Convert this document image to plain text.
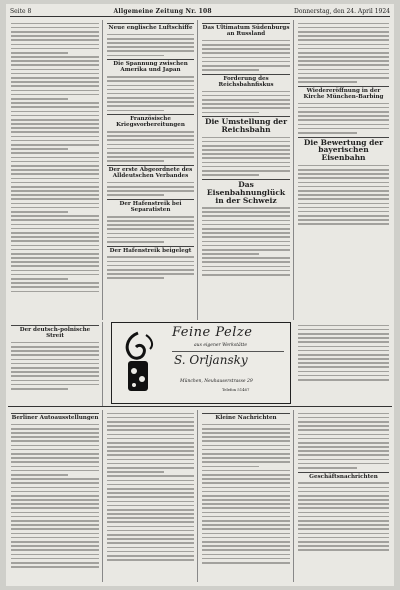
Seite 8	Allgemeine Zeitung Nr. 108	Donnerstag, den 24. April 1924
Neue englische Luftschiffe
Die Spannung zwischen Amerika und Japan
Französische Kriegsvorbereitungen
Der erste Abgeordnete des Alldeutschen Verbandes
Der Hafenstreik bei Separatisten
Der Hafenstreik beigelegt
Das Ultimatum Südenburgs an Russland
Forderung des Reichsbahnfiskus
Die Umstellung der Reichsbahn
Das Eisenbahnunglück in der Schweiz
Wiedereröffnung in der Kirche München-Barbing
Die Bewertung der bayerischen Eisenbahn
Der deutsch-polnische Streit	Feine Pelze
aus eigener Werkstätte
S. Orljansky
München, Neuhauserstrasse 29
Telefon 51467
Berliner Autoausstellungen	Kleine Nachrichten
Geschäftsnachrichten
